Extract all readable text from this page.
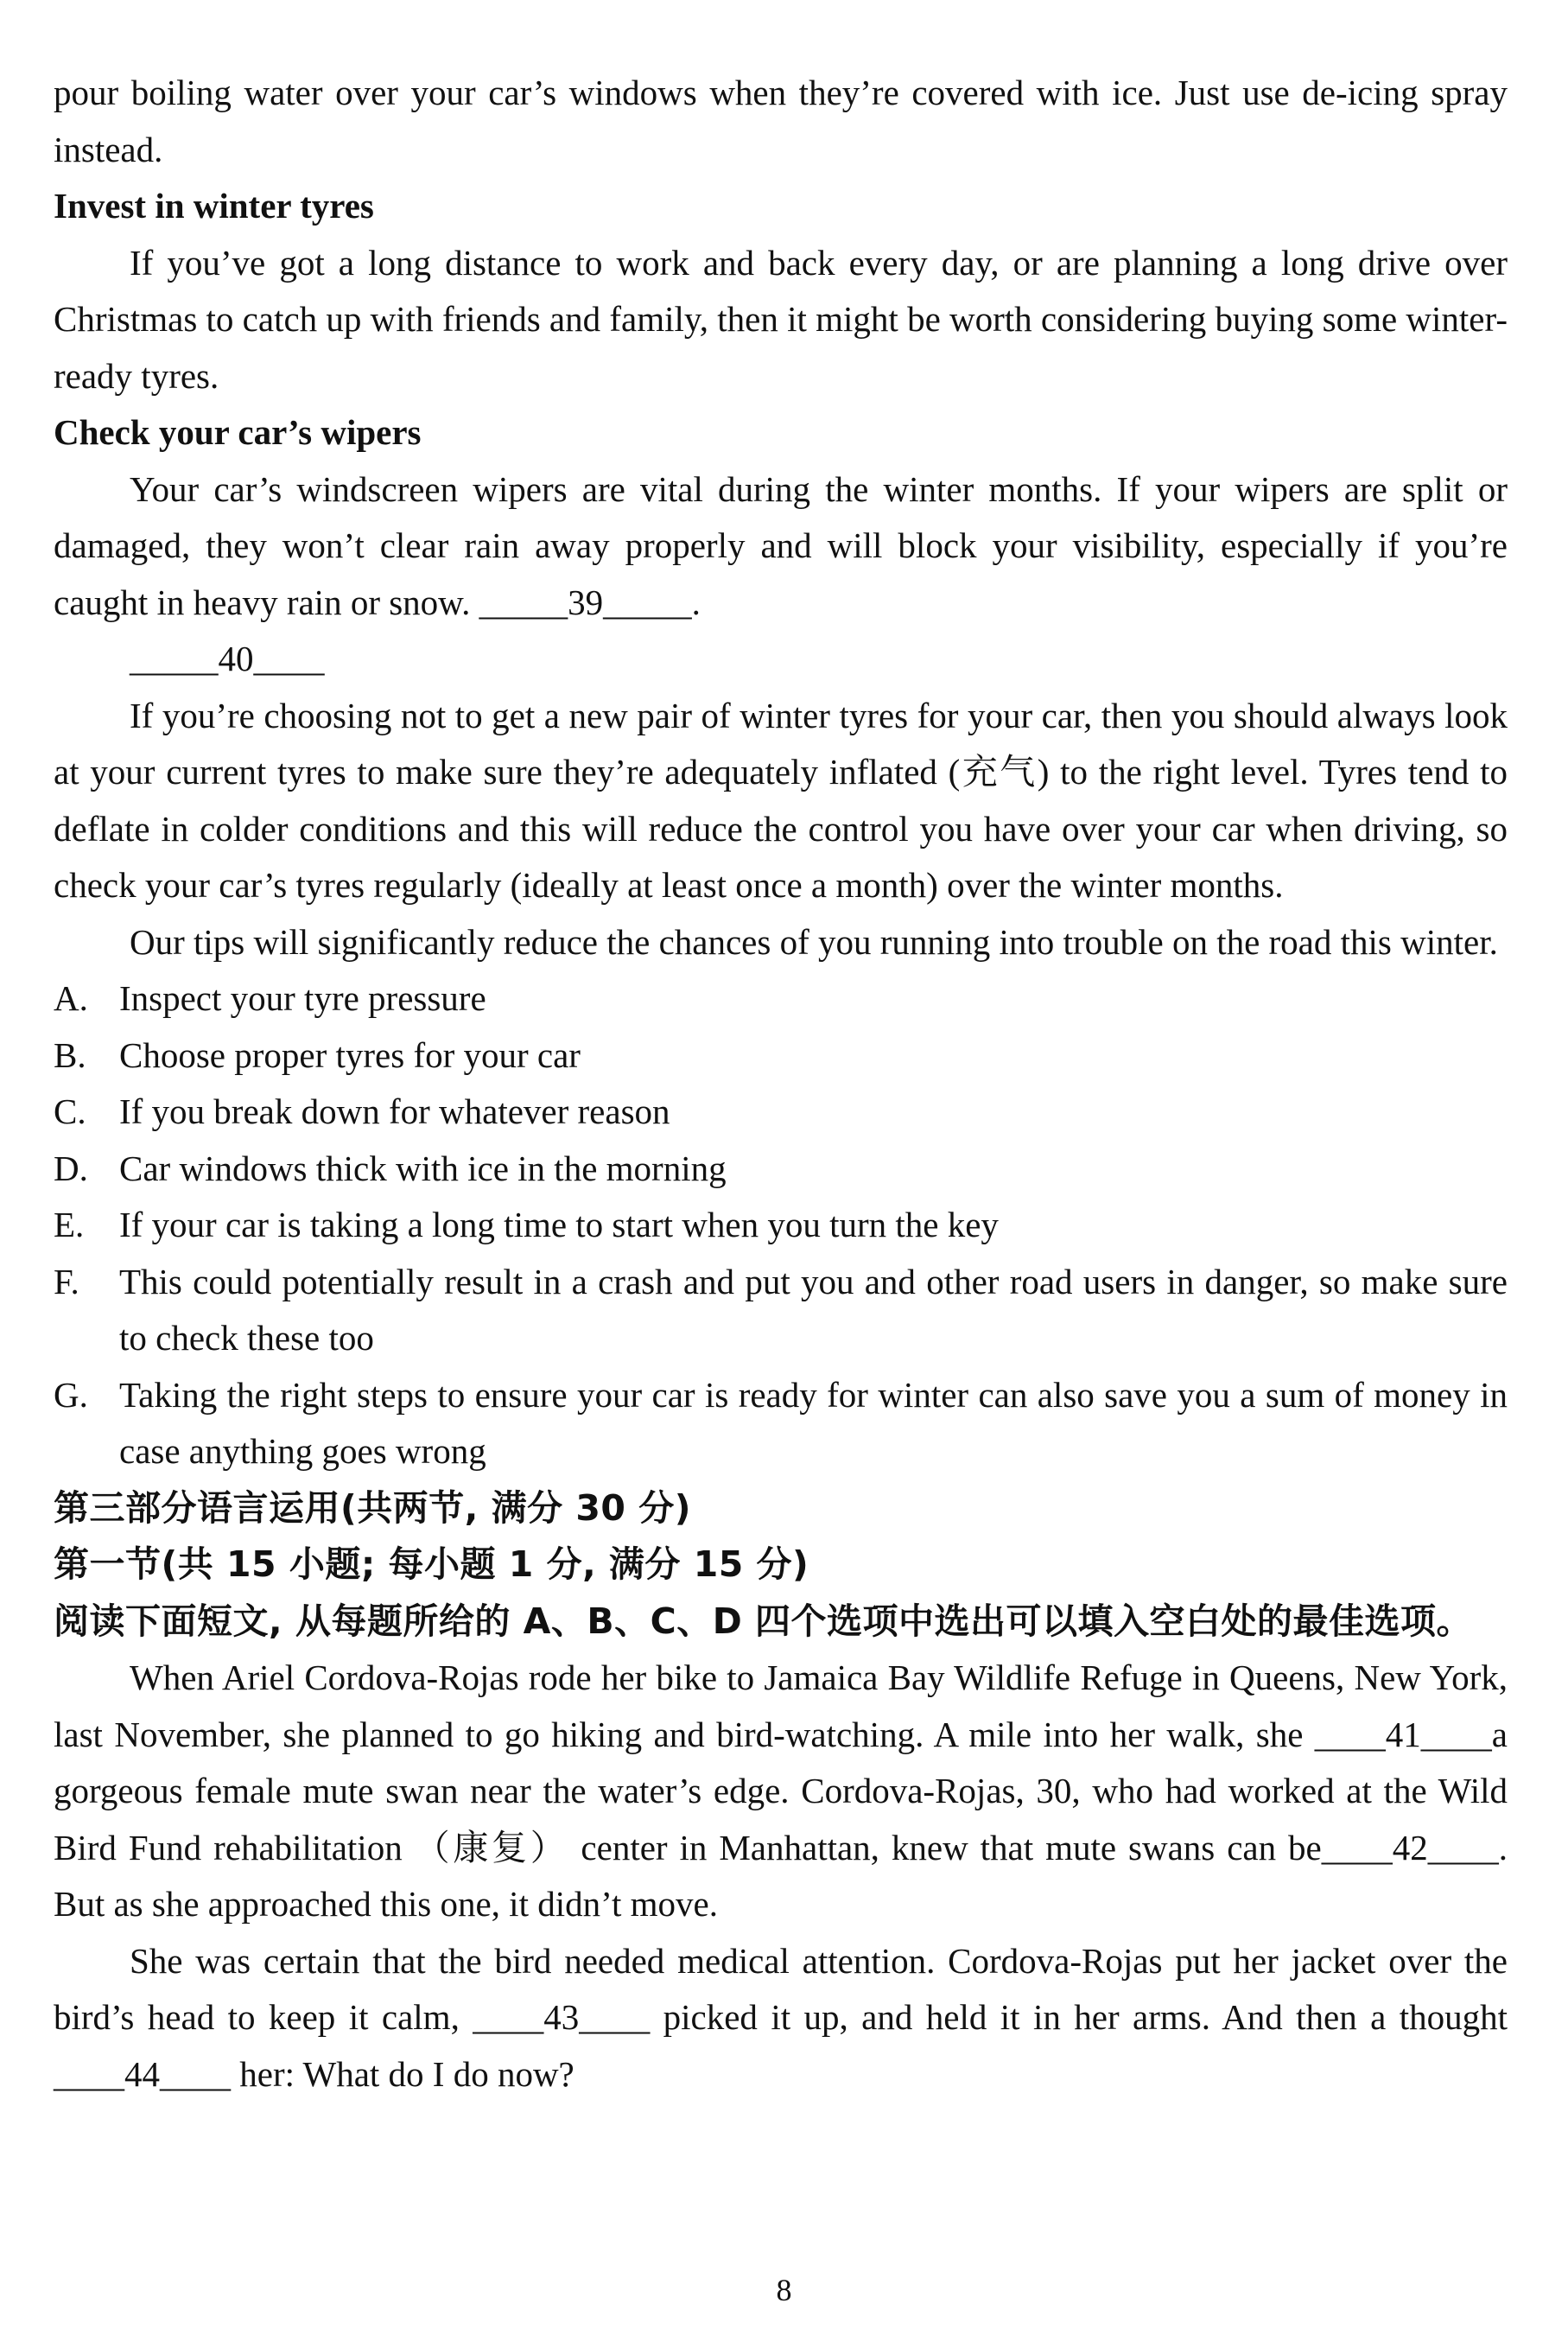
pour boiling water over your car’s windows when they’re covered with ice. Just use de-icing spray instead.

Invest in winter tyres

If you’ve got a long distance to work and back every day, or are planning a long drive over Christmas to catch up with friends and family, then it might be worth considering buying some winter-ready tyres.

Check your car’s wipers

Your car’s windscreen wipers are vital during the winter months. If your wipers are split or damaged, they won’t clear rain away properly and will block your visibility, especially if you’re caught in heavy rain or snow. _____39_____.

_____40____

If you’re choosing not to get a new pair of winter tyres for your car, then you should always look at your current tyres to make sure they’re adequately inflated (充气) to the right level. Tyres tend to deflate in colder conditions and this will reduce the control you have over your car when driving, so check your car’s tyres regularly (ideally at least once a month) over the winter months.

Our tips will significantly reduce the chances of you running into trouble on the road this winter.

A. Inspect your tyre pressure
B. Choose proper tyres for your car
C. If you break down for whatever reason
D. Car windows thick with ice in the morning
E. If your car is taking a long time to start when you turn the key
F.	This could potentially result in a crash and put you and other road users in danger, so make sure to check these too
G. Taking the right steps to ensure your car is ready for winter can also save you a sum of money in case anything goes wrong

第三部分语言运用(共两节, 满分 30 分)

第一节(共 15 小题; 每小题 1 分, 满分 15 分)

阅读下面短文, 从每题所给的 A、B、C、D 四个选项中选出可以填入空白处的最佳选项。

When Ariel Cordova-Rojas rode her bike to Jamaica Bay Wildlife Refuge in Queens, New York, last November, she planned to go hiking and bird-watching. A mile into her walk, she ____41____a gorgeous female mute swan near the water’s edge. Cordova-Rojas, 30, who had worked at the Wild Bird Fund rehabilitation （康复） center in Manhattan, knew that mute swans can be____42____. But as she approached this one, it didn’t move.

She was certain that the bird needed medical attention. Cordova-Rojas put her jacket over the bird’s head to keep it calm, ____43____ picked it up, and held it in her arms. And then a thought ____44____ her: What do I do now?

8
